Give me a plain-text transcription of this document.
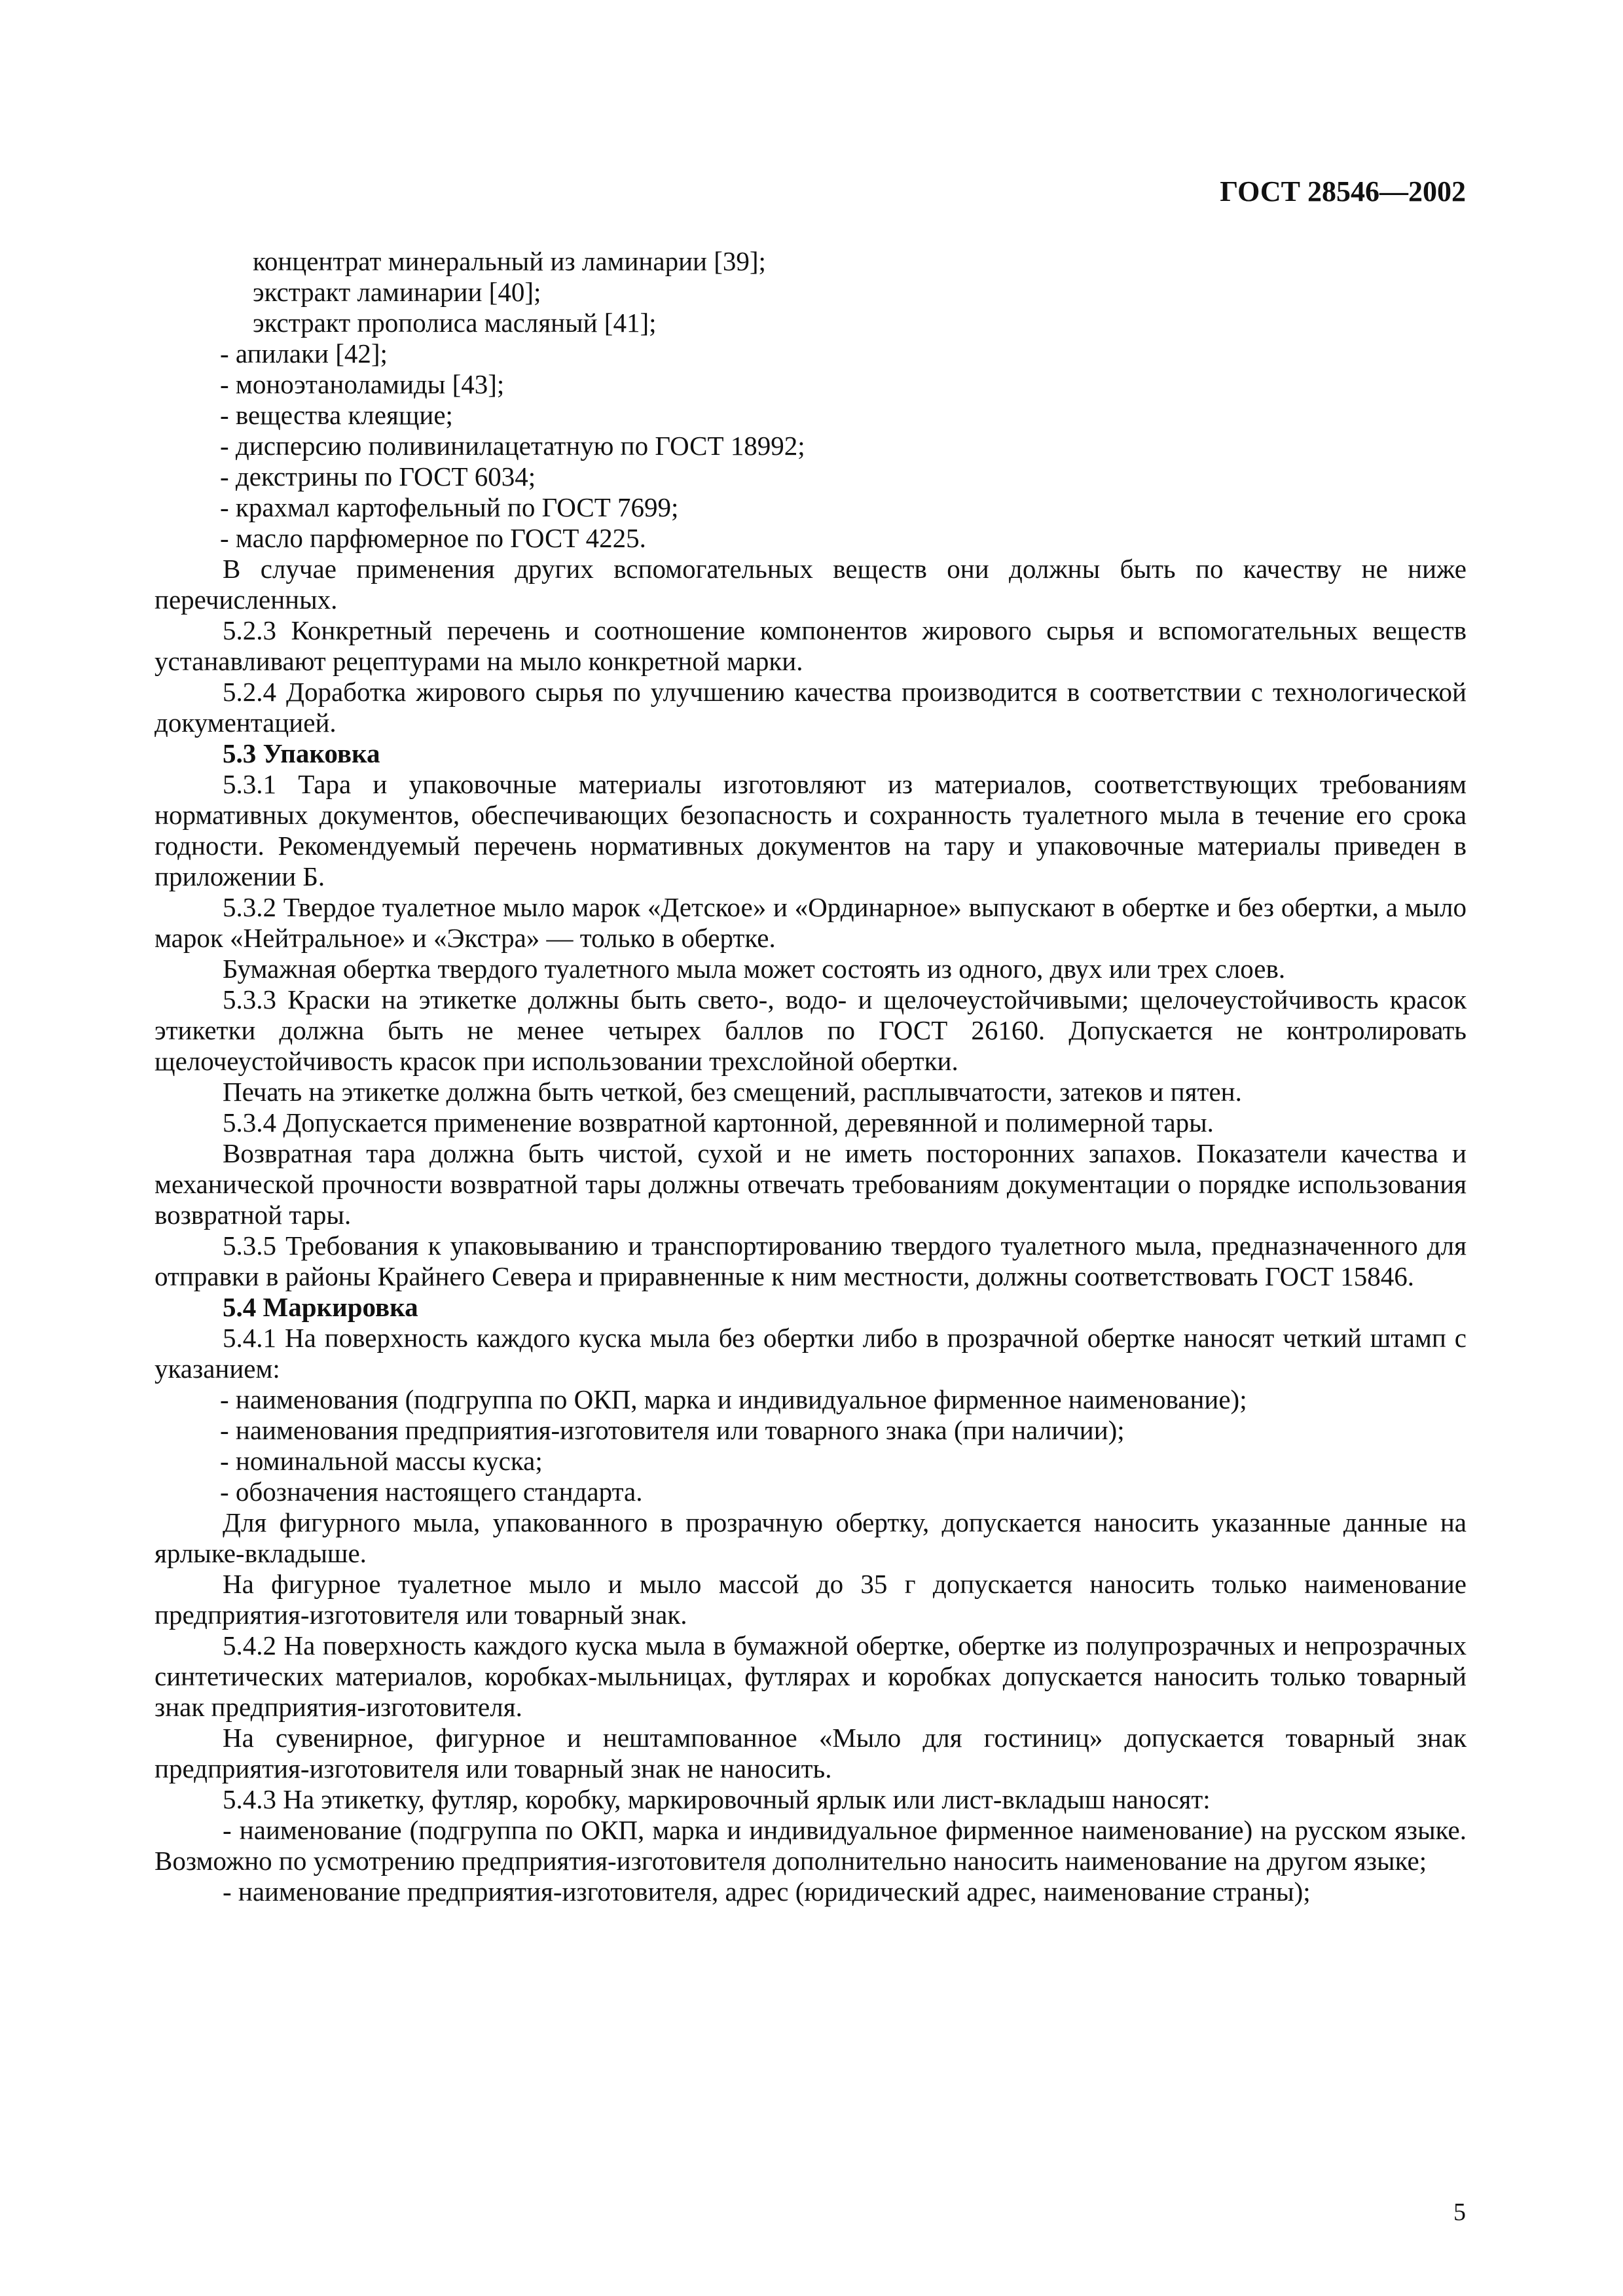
ГОСТ 28546—2002

концентрат минеральный из ламинарии [39];

экстракт ламинарии [40];

экстракт прополиса масляный [41];

- апилаки [42];

- моноэтаноламиды [43];

- вещества клеящие;

- дисперсию поливинилацетатную по ГОСТ 18992;

- декстрины по ГОСТ 6034;

- крахмал картофельный по ГОСТ 7699;

- масло парфюмерное по ГОСТ 4225.

В случае применения других вспомогательных веществ они должны быть по качеству не ниже перечисленных.

5.2.3 Конкретный перечень и соотношение компонентов жирового сырья и вспомогательных веществ устанавливают рецептурами на мыло конкретной марки.

5.2.4 Доработка жирового сырья по улучшению качества производится в соответствии с технологической документацией.

5.3 Упаковка

5.3.1 Тара и упаковочные материалы изготовляют из материалов, соответствующих требованиям нормативных документов, обеспечивающих безопасность и сохранность туалетного мыла в течение его срока годности. Рекомендуемый перечень нормативных документов на тару и упаковочные материалы приведен в приложении Б.

5.3.2 Твердое туалетное мыло марок «Детское» и «Ординарное» выпускают в обертке и без обертки, а мыло марок «Нейтральное» и «Экстра» — только в обертке.

Бумажная обертка твердого туалетного мыла может состоять из одного, двух или трех слоев.

5.3.3 Краски на этикетке должны быть свето-, водо- и щелочеустойчивыми; щелочеустойчивость красок этикетки должна быть не менее четырех баллов по ГОСТ 26160. Допускается не контролировать щелочеустойчивость красок при использовании трехслойной обертки.

Печать на этикетке должна быть четкой, без смещений, расплывчатости, затеков и пятен.

5.3.4 Допускается применение возвратной картонной, деревянной и полимерной тары.

Возвратная тара должна быть чистой, сухой и не иметь посторонних запахов. Показатели качества и механической прочности возвратной тары должны отвечать требованиям документации о порядке использования возвратной тары.

5.3.5 Требования к упаковыванию и транспортированию твердого туалетного мыла, предназначенного для отправки в районы Крайнего Севера и приравненные к ним местности, должны соответствовать ГОСТ 15846.

5.4 Маркировка

5.4.1 На поверхность каждого куска мыла без обертки либо в прозрачной обертке наносят четкий штамп с указанием:

- наименования (подгруппа по ОКП, марка и индивидуальное фирменное наименование);

- наименования предприятия-изготовителя или товарного знака (при наличии);

- номинальной массы куска;

- обозначения настоящего стандарта.

Для фигурного мыла, упакованного в прозрачную обертку, допускается наносить указанные данные на ярлыке-вкладыше.

На фигурное туалетное мыло и мыло массой до 35 г допускается наносить только наименование предприятия-изготовителя или товарный знак.

5.4.2 На поверхность каждого куска мыла в бумажной обертке, обертке из полупрозрачных и непрозрачных синтетических материалов, коробках-мыльницах, футлярах и коробках допускается наносить только товарный знак предприятия-изготовителя.

На сувенирное, фигурное и нештампованное «Мыло для гостиниц» допускается товарный знак предприятия-изготовителя или товарный знак не наносить.

5.4.3 На этикетку, футляр, коробку, маркировочный ярлык или лист-вкладыш наносят:

- наименование (подгруппа по ОКП, марка и индивидуальное фирменное наименование) на русском языке. Возможно по усмотрению предприятия-изготовителя дополнительно наносить наименование на другом языке;

- наименование предприятия-изготовителя, адрес (юридический адрес, наименование страны);

5
